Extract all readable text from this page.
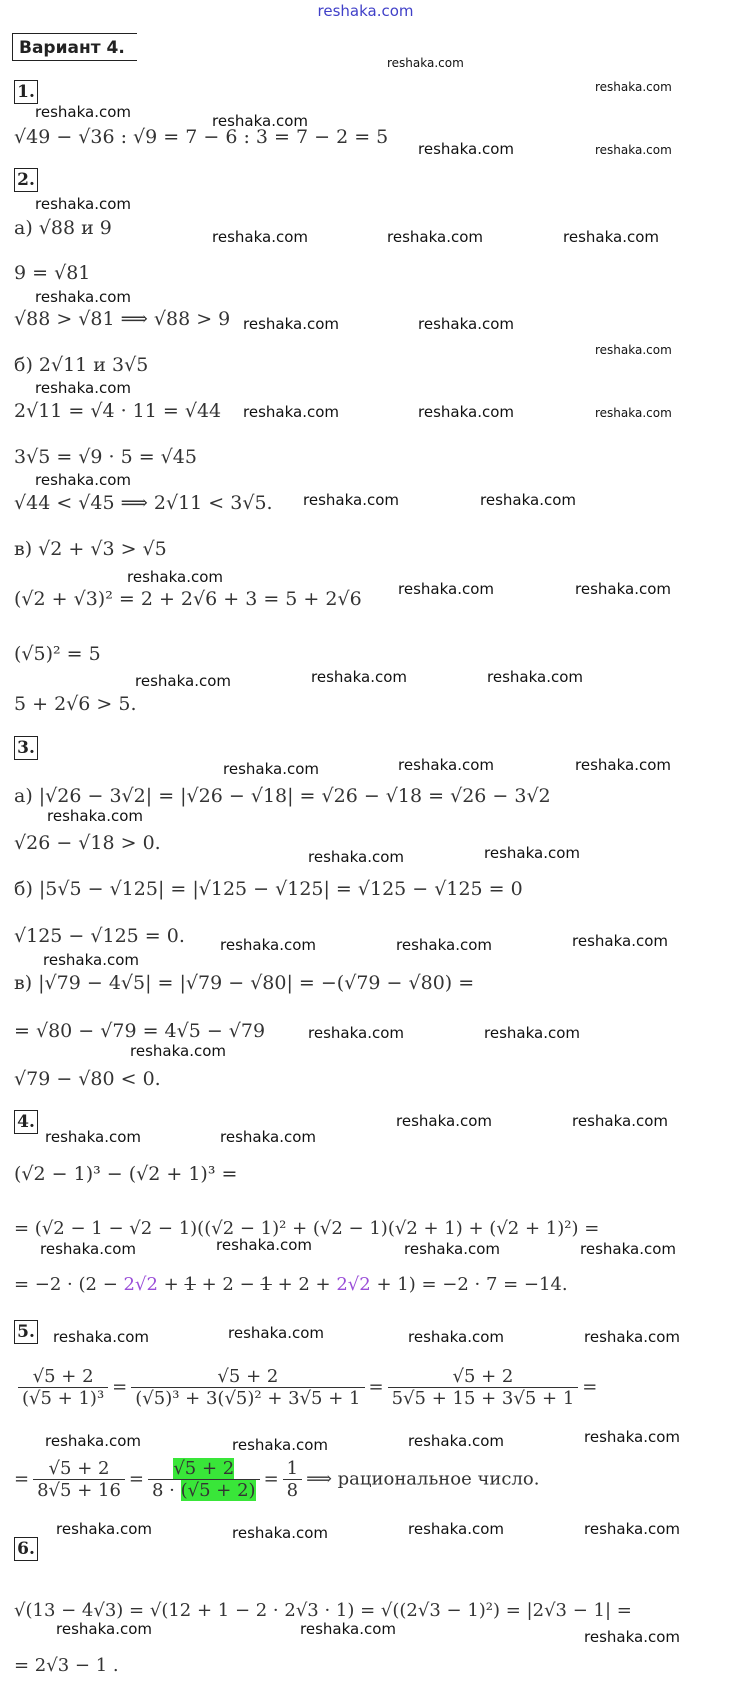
reshaka.com
Вариант 4.
1.
2.
3.
4.
5.
6.
√49 − √36 : √9 = 7 − 6 : 3 = 7 − 2 = 5
а) √88 и 9
9 = √81
√88 > √81 ⟹ √88 > 9
б) 2√11 и 3√5
2√11 = √4 · 11 = √44
3√5 = √9 · 5 = √45
√44 < √45 ⟹ 2√11 < 3√5.
в) √2 + √3 > √5
(√2 + √3)² = 2 + 2√6 + 3 = 5 + 2√6
(√5)² = 5
5 + 2√6 > 5.
а) |√26 − 3√2| = |√26 − √18| = √26 − √18 = √26 − 3√2
√26 − √18 > 0.
б) |5√5 − √125| = |√125 − √125| = √125 − √125 = 0
√125 − √125 = 0.
в) |√79 − 4√5| = |√79 − √80| = −(√79 − √80) =
= √80 − √79 = 4√5 − √79
√79 − √80 < 0.
(√2 − 1)³ − (√2 + 1)³ =
= (√2 − 1 − √2 − 1)((√2 − 1)² + (√2 − 1)(√2 + 1) + (√2 + 1)²) =
= −2 · (2 − 2√2 + 1 + 2 − 1 + 2 + 2√2 + 1) = −2 · 7 = −14.
$\frac{√5 + 2}{\text{(√5 + 1)³}} = \frac{√5 + 2}{\text{(√5)³ + 3(√5)² + 3√5 + 1}} = \frac{√5 + 2}{5√5 + 15 + 3√5 + 1}$ =
= $\frac{√5 + 2}{8√5 + 16} = \frac{√5 + 2}{8 \cdot (√5 + 2)} = \frac{1}{8}$ ⟹ рациональное число.
√(13 − 4√3) = √(12 + 1 − 2 · 2√3 · 1) = √((2√3 − 1)²) = |2√3 − 1| =
= 2√3 − 1 .
reshaka.com
reshaka.com
reshaka.com	reshaka.com
reshaka.com	reshaka.com
reshaka.com
reshaka.com	reshaka.com	reshaka.com
reshaka.com
reshaka.com	reshaka.com
reshaka.com
reshaka.com
reshaka.com	reshaka.com	reshaka.com
reshaka.com
reshaka.com	reshaka.com
reshaka.com
reshaka.com	reshaka.com
reshaka.com	reshaka.com	reshaka.com
reshaka.com	reshaka.com	reshaka.com
reshaka.com
reshaka.com	reshaka.com
reshaka.com	reshaka.com	reshaka.com
reshaka.com
reshaka.com	reshaka.com
reshaka.com
reshaka.com	reshaka.com
reshaka.com	reshaka.com
reshaka.com	reshaka.com	reshaka.com	reshaka.com
reshaka.com	reshaka.com	reshaka.com	reshaka.com
reshaka.com	reshaka.com	reshaka.com	reshaka.com
reshaka.com	reshaka.com	reshaka.com	reshaka.com
reshaka.com	reshaka.com	reshaka.com
